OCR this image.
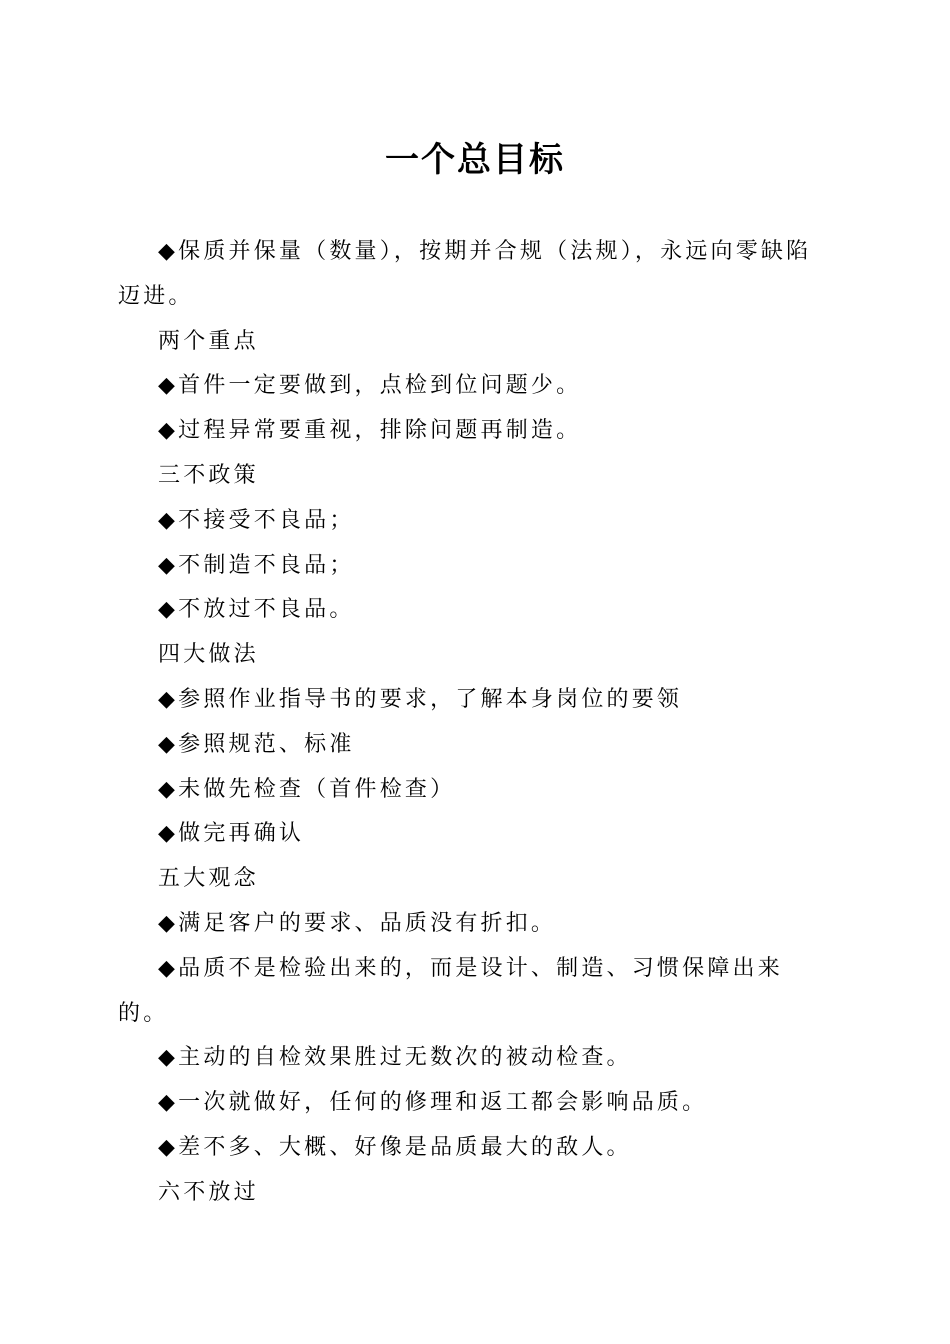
一个总目标

◆保质并保量（数量），按期并合规（法规），永远向零缺陷迈进。

两个重点

◆首件一定要做到，点检到位问题少。

◆过程异常要重视，排除问题再制造。

三不政策

◆不接受不良品；

◆不制造不良品；

◆不放过不良品。

四大做法

◆参照作业指导书的要求，了解本身岗位的要领

◆参照规范、标准

◆未做先检查（首件检查）

◆做完再确认

五大观念

◆满足客户的要求、品质没有折扣。

◆品质不是检验出来的，而是设计、制造、习惯保障出来的。

◆主动的自检效果胜过无数次的被动检查。

◆一次就做好，任何的修理和返工都会影响品质。

◆差不多、大概、好像是品质最大的敌人。

六不放过
